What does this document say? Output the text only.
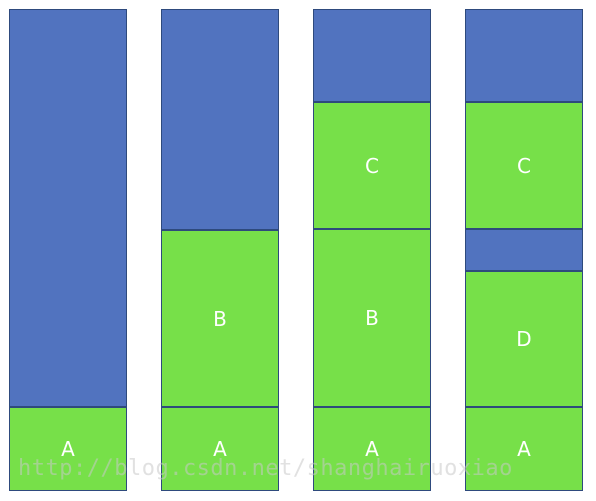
A
B
A
C
B
A
C
D
A
http://blog.csdn.net/shanghairuoxiao
